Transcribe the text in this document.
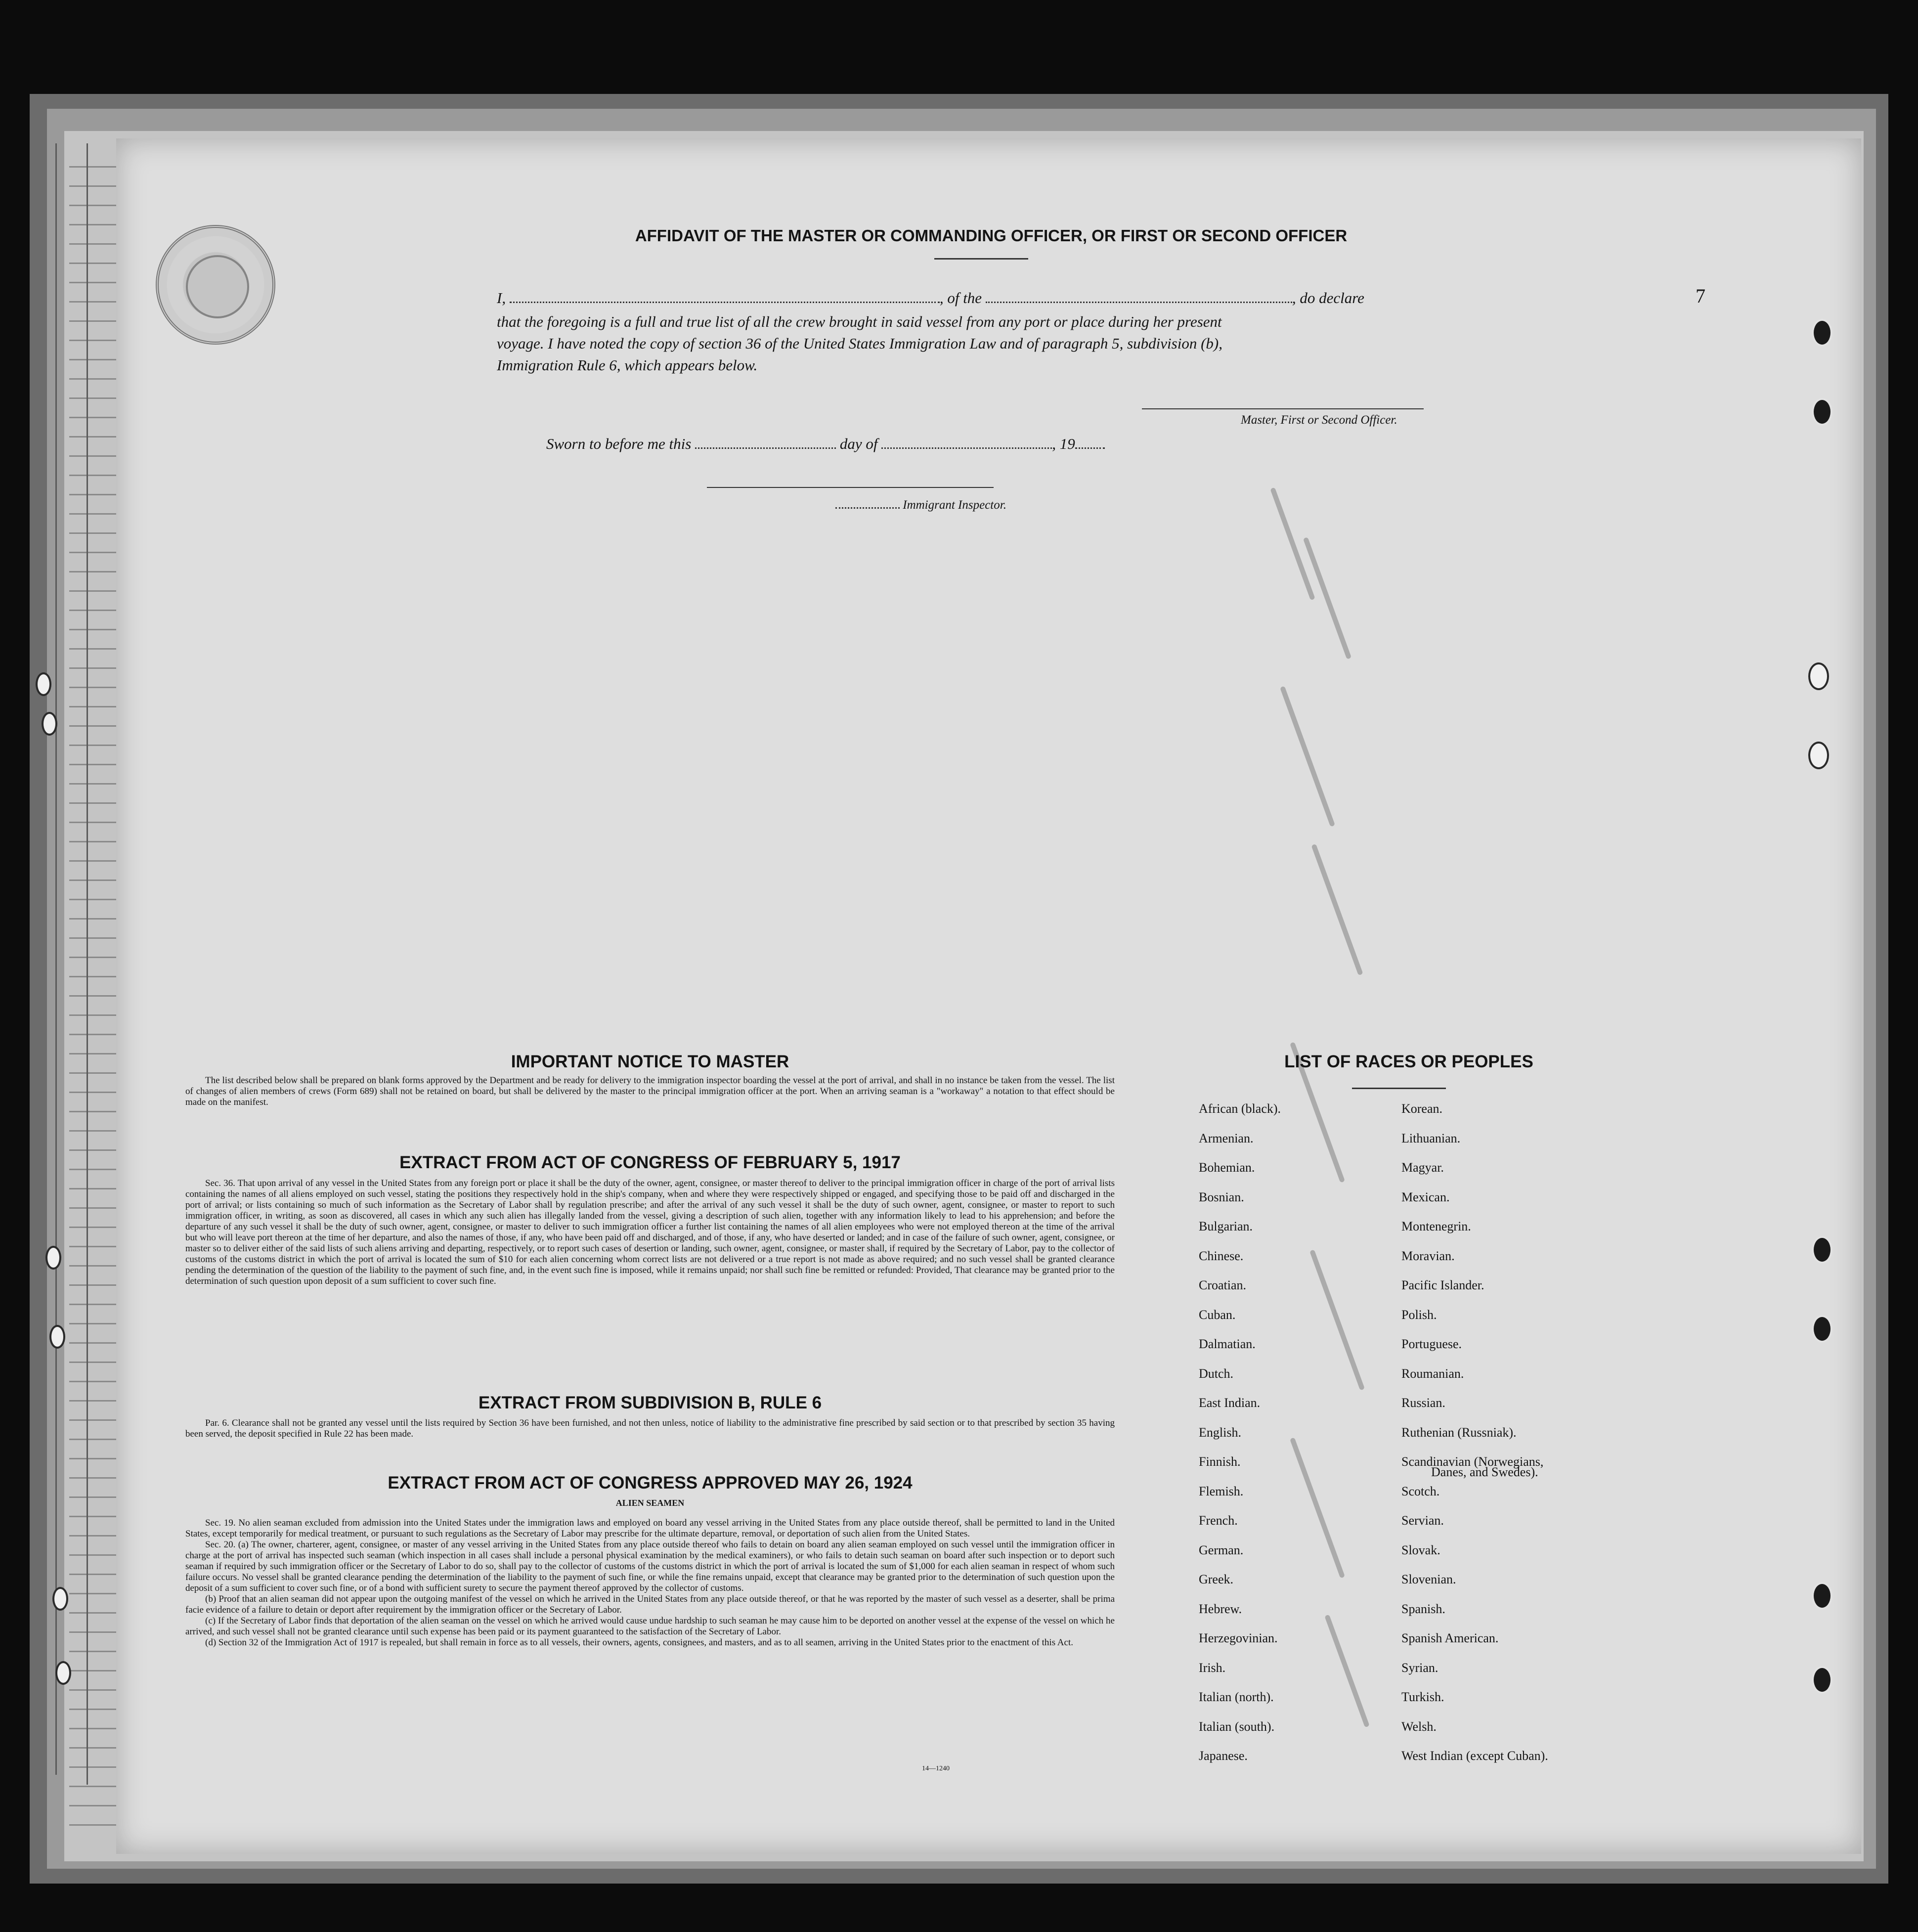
7
AFFIDAVIT OF THE MASTER OR COMMANDING OFFICER, OR FIRST OR SECOND OFFICER
I,	, of the	, do declare
that the foregoing is a full and true list of all the crew brought in said vessel from any port or place during her present
voyage. I have noted the copy of section 36 of the United States Immigration Law and of paragraph 5, subdivision (b),
Immigration Rule 6, which appears below.
Master, First or Second Officer.
Sworn to before me this	day of	, 19
Immigrant Inspector.
IMPORTANT NOTICE TO MASTER
The list described below shall be prepared on blank forms approved by the Department and be ready for delivery to the immigration inspector boarding the vessel at the port of arrival, and shall in no instance be taken from the vessel. The list of changes of alien members of crews (Form 689) shall not be retained on board, but shall be delivered by the master to the principal immigration officer at the port. When an arriving seaman is a "workaway" a notation to that effect should be made on the manifest.
EXTRACT FROM ACT OF CONGRESS OF FEBRUARY 5, 1917
Sec. 36. That upon arrival of any vessel in the United States from any foreign port or place it shall be the duty of the owner, agent, consignee, or master thereof to deliver to the principal immigration officer in charge of the port of arrival lists containing the names of all aliens employed on such vessel, stating the positions they respectively hold in the ship's company, when and where they were respectively shipped or engaged, and specifying those to be paid off and discharged in the port of arrival; or lists containing so much of such information as the Secretary of Labor shall by regulation prescribe; and after the arrival of any such vessel it shall be the duty of such owner, agent, consignee, or master to report to such immigration officer, in writing, as soon as discovered, all cases in which any such alien has illegally landed from the vessel, giving a description of such alien, together with any information likely to lead to his apprehension; and before the departure of any such vessel it shall be the duty of such owner, agent, consignee, or master to deliver to such immigration officer a further list containing the names of all alien employees who were not employed thereon at the time of the arrival but who will leave port thereon at the time of her departure, and also the names of those, if any, who have been paid off and discharged, and of those, if any, who have deserted or landed; and in case of the failure of such owner, agent, consignee, or master so to deliver either of the said lists of such aliens arriving and departing, respectively, or to report such cases of desertion or landing, such owner, agent, consignee, or master shall, if required by the Secretary of Labor, pay to the collector of customs of the customs district in which the port of arrival is located the sum of $10 for each alien concerning whom correct lists are not delivered or a true report is not made as above required; and no such vessel shall be granted clearance pending the determination of the question of the liability to the payment of such fine, and, in the event such fine is imposed, while it remains unpaid; nor shall such fine be remitted or refunded: Provided, That clearance may be granted prior to the determination of such question upon deposit of a sum sufficient to cover such fine.
EXTRACT FROM SUBDIVISION B, RULE 6
Par. 6. Clearance shall not be granted any vessel until the lists required by Section 36 have been furnished, and not then unless, notice of liability to the administrative fine prescribed by said section or to that prescribed by section 35 having been served, the deposit specified in Rule 22 has been made.
EXTRACT FROM ACT OF CONGRESS APPROVED MAY 26, 1924
ALIEN SEAMEN
Sec. 19. No alien seaman excluded from admission into the United States under the immigration laws and employed on board any vessel arriving in the United States from any place outside thereof, shall be permitted to land in the United States, except temporarily for medical treatment, or pursuant to such regulations as the Secretary of Labor may prescribe for the ultimate departure, removal, or deportation of such alien from the United States.
Sec. 20. (a) The owner, charterer, agent, consignee, or master of any vessel arriving in the United States from any place outside thereof who fails to detain on board any alien seaman employed on such vessel until the immigration officer in charge at the port of arrival has inspected such seaman (which inspection in all cases shall include a personal physical examination by the medical examiners), or who fails to detain such seaman on board after such inspection or to deport such seaman if required by such immigration officer or the Secretary of Labor to do so, shall pay to the collector of customs of the customs district in which the port of arrival is located the sum of $1,000 for each alien seaman in respect of whom such failure occurs. No vessel shall be granted clearance pending the determination of the liability to the payment of such fine, or while the fine remains unpaid, except that clearance may be granted prior to the determination of such question upon the deposit of a sum sufficient to cover such fine, or of a bond with sufficient surety to secure the payment thereof approved by the collector of customs.
(b) Proof that an alien seaman did not appear upon the outgoing manifest of the vessel on which he arrived in the United States from any place outside thereof, or that he was reported by the master of such vessel as a deserter, shall be prima facie evidence of a failure to detain or deport after requirement by the immigration officer or the Secretary of Labor.
(c) If the Secretary of Labor finds that deportation of the alien seaman on the vessel on which he arrived would cause undue hardship to such seaman he may cause him to be deported on another vessel at the expense of the vessel on which he arrived, and such vessel shall not be granted clearance until such expense has been paid or its payment guaranteed to the satisfaction of the Secretary of Labor.
(d) Section 32 of the Immigration Act of 1917 is repealed, but shall remain in force as to all vessels, their owners, agents, consignees, and masters, and as to all seamen, arriving in the United States prior to the enactment of this Act.
14—1240
LIST OF RACES OR PEOPLES
African (black).
Armenian.
Bohemian.
Bosnian.
Bulgarian.
Chinese.
Croatian.
Cuban.
Dalmatian.
Dutch.
East Indian.
English.
Finnish.
Flemish.
French.
German.
Greek.
Hebrew.
Herzegovinian.
Irish.
Italian (north).
Italian (south).
Japanese.
Korean.
Lithuanian.
Magyar.
Mexican.
Montenegrin.
Moravian.
Pacific Islander.
Polish.
Portuguese.
Roumanian.
Russian.
Ruthenian (Russniak).
Scandinavian (Norwegians,
Scotch.
Servian.
Slovak.
Slovenian.
Spanish.
Spanish American.
Syrian.
Turkish.
Welsh.
West Indian (except Cuban).
Danes, and Swedes).
